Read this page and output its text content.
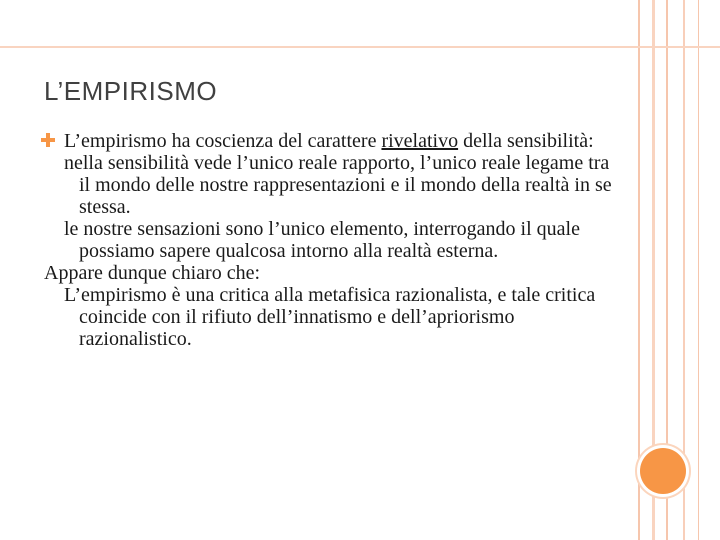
L’EMPIRISMO

L’empirismo ha coscienza del carattere rivelativo della sensibilità:

nella sensibilità vede l’unico reale rapporto, l’unico reale legame tra il mondo delle nostre rappresentazioni e il mondo della realtà in se stessa.

le nostre sensazioni sono l’unico elemento, interrogando il quale possiamo sapere qualcosa intorno alla realtà esterna.

Appare dunque chiaro che:

L’empirismo è una critica alla metafisica razionalista, e tale critica coincide con il rifiuto dell’innatismo e dell’apriorismo razionalistico.
